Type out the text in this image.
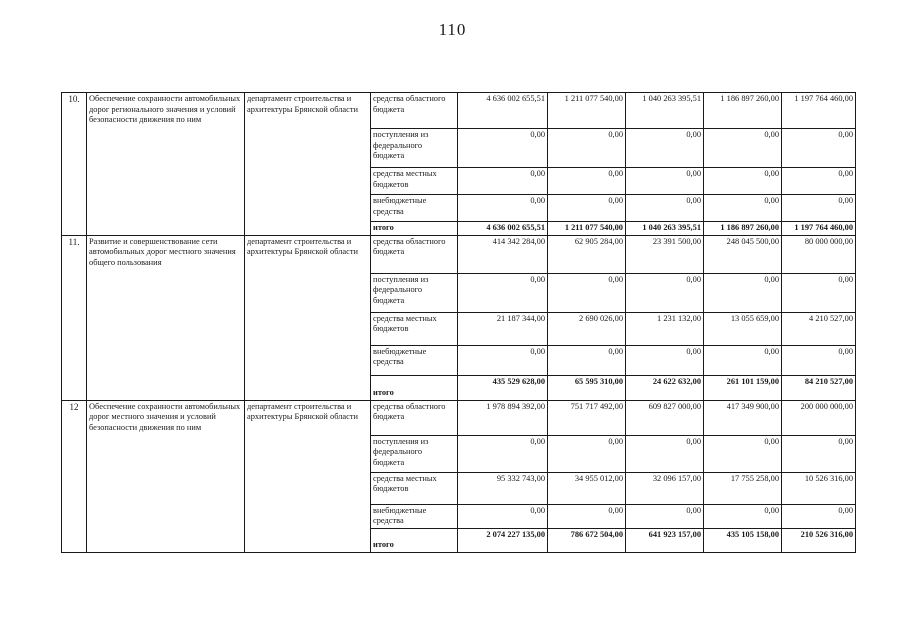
110
10.	Обеспечение сохранности автомобильных дорог регионального значения и условий безопасности движения по ним	департамент строительства и архитектуры Брянской области	средства областного бюджета	4 636 002 655,51	1 211 077 540,00	1 040 263 395,51	1 186 897 260,00	1 197 764 460,00
			поступления из федерального бюджета	0,00	0,00	0,00	0,00	0,00
			средства местных бюджетов	0,00	0,00	0,00	0,00	0,00
			внебюджетные средства	0,00	0,00	0,00	0,00	0,00
			итого	4 636 002 655,51	1 211 077 540,00	1 040 263 395,51	1 186 897 260,00	1 197 764 460,00
11.	Развитие и совершенствование сети автомобильных дорог местного значения общего пользования	департамент строительства и архитектуры Брянской области	средства областного бюджета	414 342 284,00	62 905 284,00	23 391 500,00	248 045 500,00	80 000 000,00
			поступления из федерального бюджета	0,00	0,00	0,00	0,00	0,00
			средства местных бюджетов	21 187 344,00	2 690 026,00	1 231 132,00	13 055 659,00	4 210 527,00
			внебюджетные средства	0,00	0,00	0,00	0,00	0,00
			итого	435 529 628,00	65 595 310,00	24 622 632,00	261 101 159,00	84 210 527,00
12	Обеспечение сохранности автомобильных дорог местного значения и условий безопасности движения по ним	департамент строительства и архитектуры Брянской области	средства областного бюджета	1 978 894 392,00	751 717 492,00	609 827 000,00	417 349 900,00	200 000 000,00
			поступления из федерального бюджета	0,00	0,00	0,00	0,00	0,00
			средства местных бюджетов	95 332 743,00	34 955 012,00	32 096 157,00	17 755 258,00	10 526 316,00
			внебюджетные средства	0,00	0,00	0,00	0,00	0,00
			итого	2 074 227 135,00	786 672 504,00	641 923 157,00	435 105 158,00	210 526 316,00
